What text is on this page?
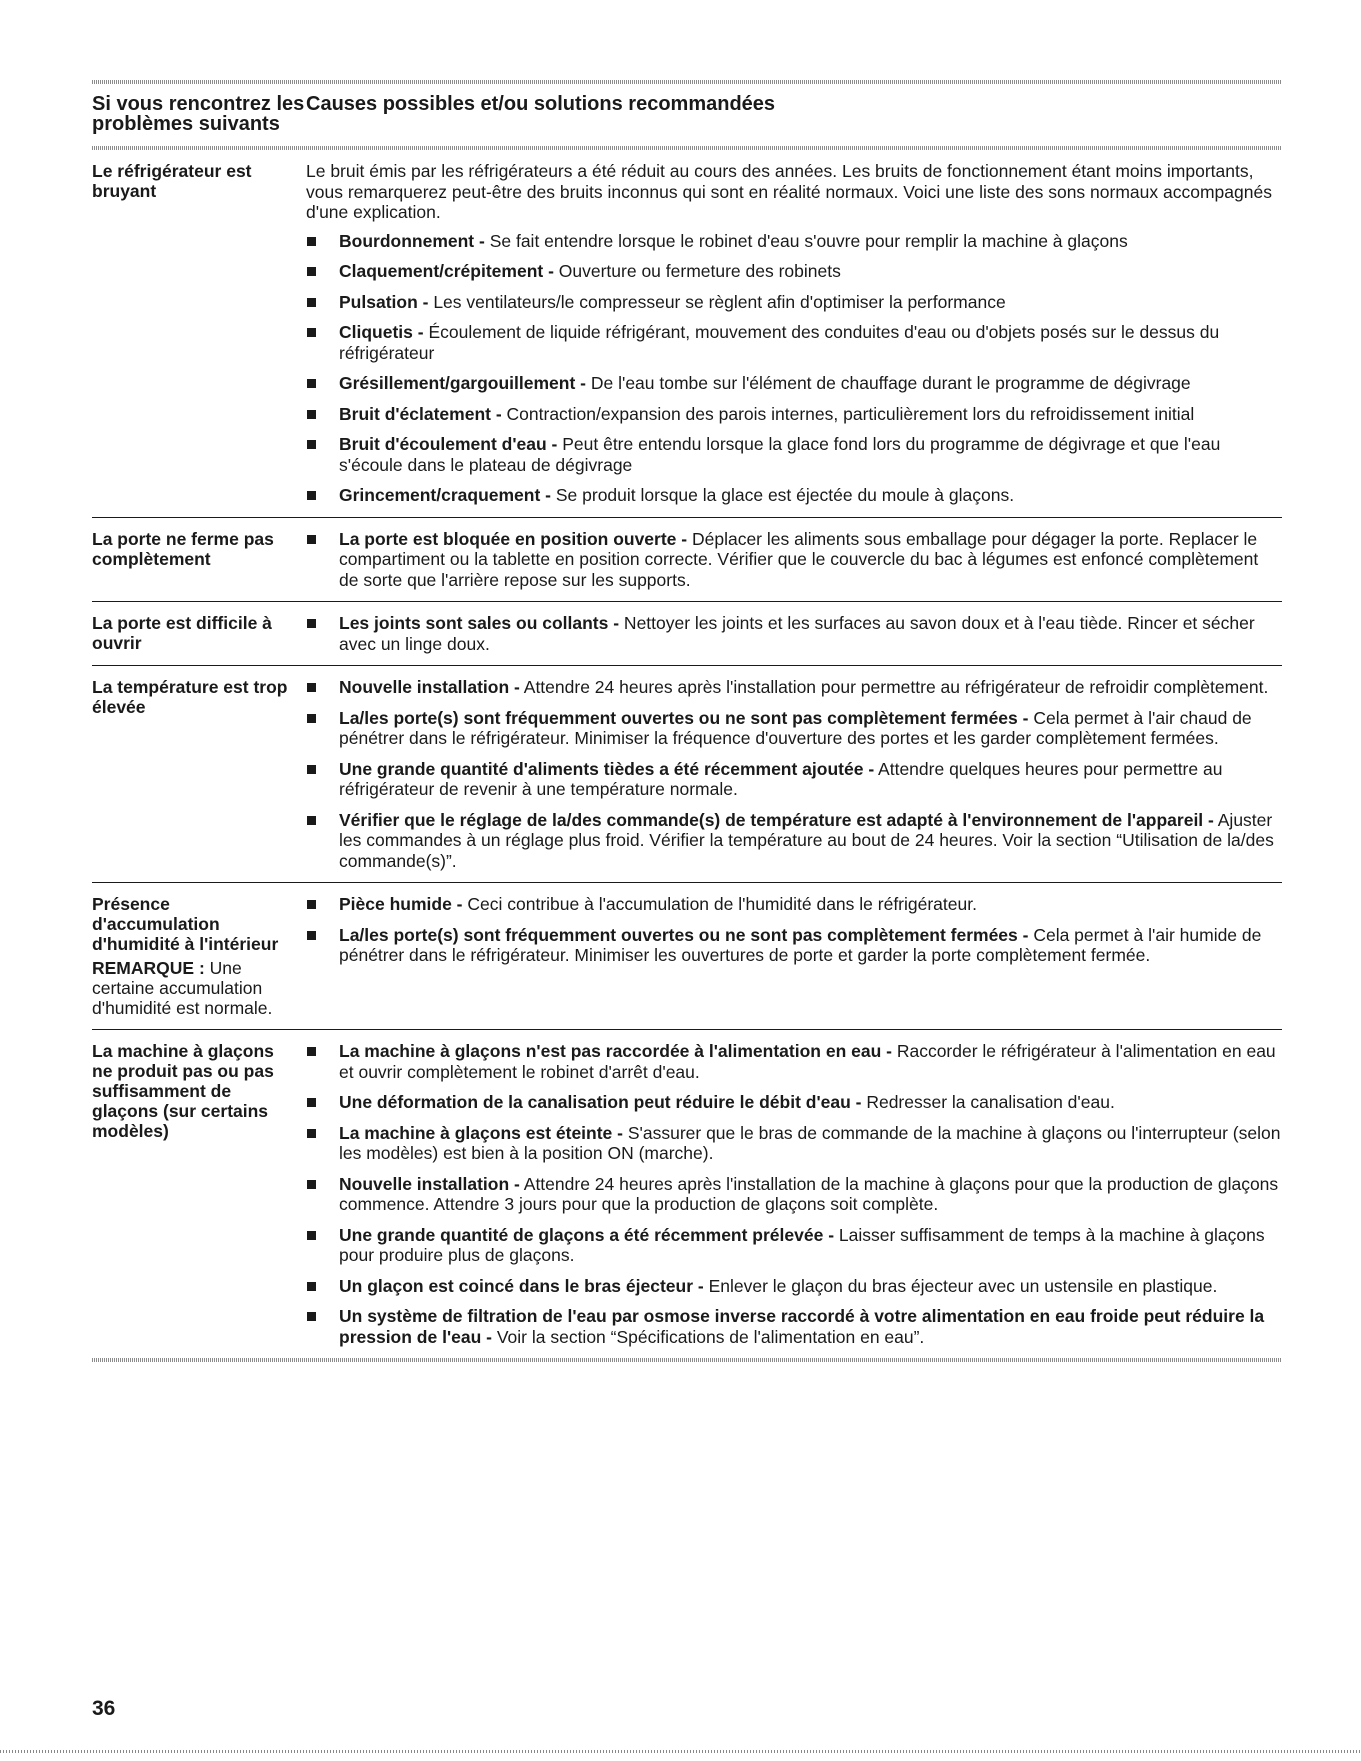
Si vous rencontrez les problèmes suivants
Causes possibles et/ou solutions recommandées
Le réfrigérateur est bruyant
Le bruit émis par les réfrigérateurs a été réduit au cours des années. Les bruits de fonctionnement étant moins importants, vous remarquerez peut-être des bruits inconnus qui sont en réalité normaux. Voici une liste des sons normaux accompagnés d'une explication.
Bourdonnement - Se fait entendre lorsque le robinet d'eau s'ouvre pour remplir la machine à glaçons
Claquement/crépitement - Ouverture ou fermeture des robinets
Pulsation - Les ventilateurs/le compresseur se règlent afin d'optimiser la performance
Cliquetis - Écoulement de liquide réfrigérant, mouvement des conduites d'eau ou d'objets posés sur le dessus du réfrigérateur
Grésillement/gargouillement - De l'eau tombe sur l'élément de chauffage durant le programme de dégivrage
Bruit d'éclatement - Contraction/expansion des parois internes, particulièrement lors du refroidissement initial
Bruit d'écoulement d'eau - Peut être entendu lorsque la glace fond lors du programme de dégivrage et que l'eau s'écoule dans le plateau de dégivrage
Grincement/craquement - Se produit lorsque la glace est éjectée du moule à glaçons.
La porte ne ferme pas complètement
La porte est bloquée en position ouverte - Déplacer les aliments sous emballage pour dégager la porte. Replacer le compartiment ou la tablette en position correcte. Vérifier que le couvercle du bac à légumes est enfoncé complètement de sorte que l'arrière repose sur les supports.
La porte est difficile à ouvrir
Les joints sont sales ou collants - Nettoyer les joints et les surfaces au savon doux et à l'eau tiède. Rincer et sécher avec un linge doux.
La température est trop élevée
Nouvelle installation - Attendre 24 heures après l'installation pour permettre au réfrigérateur de refroidir complètement.
La/les porte(s) sont fréquemment ouvertes ou ne sont pas complètement fermées - Cela permet à l'air chaud de pénétrer dans le réfrigérateur. Minimiser la fréquence d'ouverture des portes et les garder complètement fermées.
Une grande quantité d'aliments tièdes a été récemment ajoutée - Attendre quelques heures pour permettre au réfrigérateur de revenir à une température normale.
Vérifier que le réglage de la/des commande(s) de température est adapté à l'environnement de l'appareil - Ajuster les commandes à un réglage plus froid. Vérifier la température au bout de 24 heures. Voir la section “Utilisation de la/des commande(s)”.
Présence d'accumulation d'humidité à l'intérieur
REMARQUE : Une certaine accumulation d'humidité est normale.
Pièce humide - Ceci contribue à l'accumulation de l'humidité dans le réfrigérateur.
La/les porte(s) sont fréquemment ouvertes ou ne sont pas complètement fermées - Cela permet à l'air humide de pénétrer dans le réfrigérateur. Minimiser les ouvertures de porte et garder la porte complètement fermée.
La machine à glaçons ne produit pas ou pas suffisamment de glaçons (sur certains modèles)
La machine à glaçons n'est pas raccordée à l'alimentation en eau - Raccorder le réfrigérateur à l'alimentation en eau et ouvrir complètement le robinet d'arrêt d'eau.
Une déformation de la canalisation peut réduire le débit d'eau - Redresser la canalisation d'eau.
La machine à glaçons est éteinte - S'assurer que le bras de commande de la machine à glaçons ou l'interrupteur (selon les modèles) est bien à la position ON (marche).
Nouvelle installation - Attendre 24 heures après l'installation de la machine à glaçons pour que la production de glaçons commence. Attendre 3 jours pour que la production de glaçons soit complète.
Une grande quantité de glaçons a été récemment prélevée - Laisser suffisamment de temps à la machine à glaçons pour produire plus de glaçons.
Un glaçon est coincé dans le bras éjecteur - Enlever le glaçon du bras éjecteur avec un ustensile en plastique.
Un système de filtration de l'eau par osmose inverse raccordé à votre alimentation en eau froide peut réduire la pression de l'eau - Voir la section “Spécifications de l'alimentation en eau”.
36
